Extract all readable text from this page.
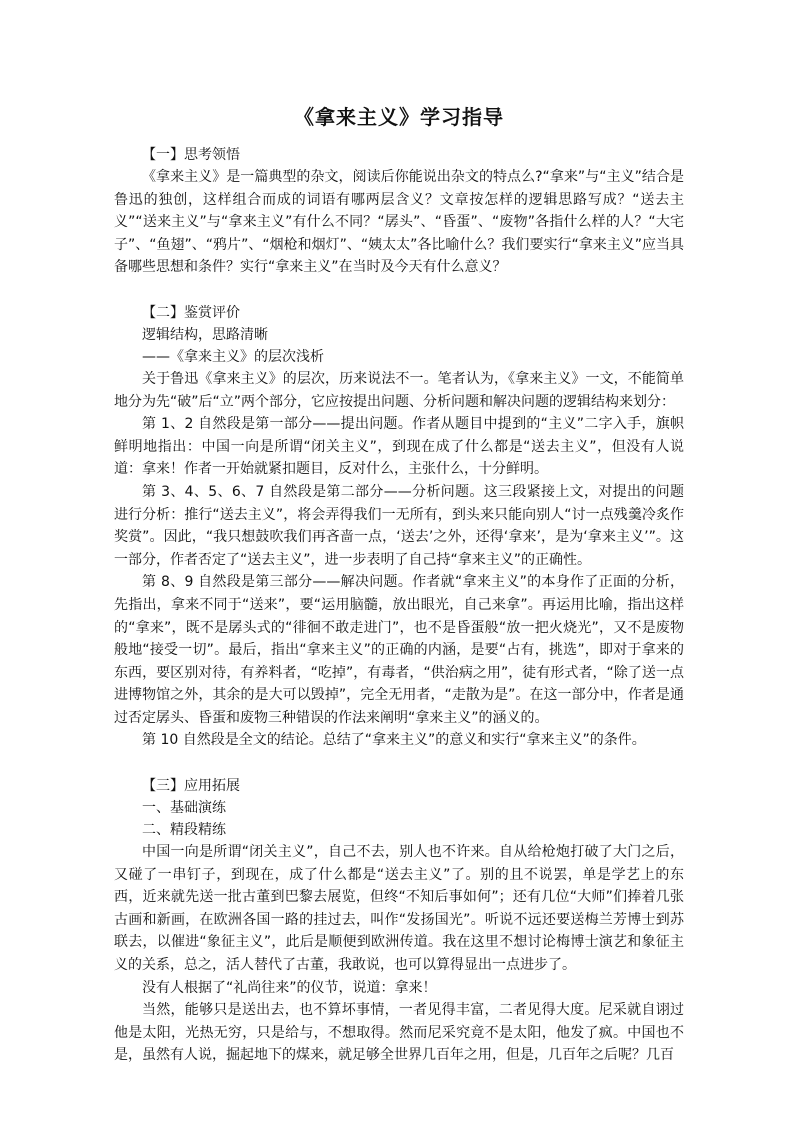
《拿来主义》学习指导

【一】思考领悟

《拿来主义》是一篇典型的杂文，阅读后你能说出杂文的特点么?“拿来”与“主义”结合是鲁迅的独创，这样组合而成的词语有哪两层含义？文章按怎样的逻辑思路写成？“送去主义”“送来主义”与“拿来主义”有什么不同？“孱头”、“昏蛋”、“废物”各指什么样的人？“大宅子”、“鱼翅”、“鸦片”、“烟枪和烟灯”、“姨太太”各比喻什么？我们要实行“拿来主义”应当具备哪些思想和条件？实行“拿来主义”在当时及今天有什么意义？

【二】鉴赏评价

逻辑结构，思路清晰

——《拿来主义》的层次浅析

关于鲁迅《拿来主义》的层次，历来说法不一。笔者认为，《拿来主义》一文，不能简单地分为先“破”后“立”两个部分，它应按提出问题、分析问题和解决问题的逻辑结构来划分：

第 1、2 自然段是第一部分——提出问题。作者从题目中提到的“主义”二字入手，旗帜鲜明地指出：中国一向是所谓“闭关主义”，到现在成了什么都是“送去主义”，但没有人说道：拿来！作者一开始就紧扣题目，反对什么，主张什么，十分鲜明。

第 3、4、5、6、7 自然段是第二部分——分析问题。这三段紧接上文，对提出的问题进行分析：推行“送去主义”，将会弄得我们一无所有，到头来只能向别人“讨一点残羹冷炙作奖赏”。因此，“我只想鼓吹我们再吝啬一点，‘送去’之外，还得‘拿来’，是为‘拿来主义’”。这一部分，作者否定了“送去主义”，进一步表明了自己持“拿来主义”的正确性。

第 8、9 自然段是第三部分——解决问题。作者就“拿来主义”的本身作了正面的分析，先指出，拿来不同于“送来”，要“运用脑髓，放出眼光，自己来拿”。再运用比喻，指出这样的“拿来”，既不是孱头式的“徘徊不敢走进门”，也不是昏蛋般“放一把火烧光”，又不是废物般地“接受一切”。最后，指出“拿来主义”的正确的内涵，是要“占有，挑选”，即对于拿来的东西，要区别对待，有养料者，“吃掉”，有毒者，“供治病之用”，徒有形式者，“除了送一点进博物馆之外，其余的是大可以毁掉”，完全无用者，“走散为是”。在这一部分中，作者是通过否定孱头、昏蛋和废物三种错误的作法来阐明“拿来主义”的涵义的。

第 10 自然段是全文的结论。总结了“拿来主义”的意义和实行“拿来主义”的条件。

【三】应用拓展

一、基础演练

二、精段精练

中国一向是所谓“闭关主义”，自己不去，别人也不许来。自从给枪炮打破了大门之后，又碰了一串钉子，到现在，成了什么都是“送去主义”了。别的且不说罢，单是学艺上的东西，近来就先送一批古董到巴黎去展览，但终“不知后事如何”；还有几位“大师”们捧着几张古画和新画，在欧洲各国一路的挂过去，叫作“发扬国光”。听说不远还要送梅兰芳博士到苏联去，以催进“象征主义”，此后是顺便到欧洲传道。我在这里不想讨论梅博士演艺和象征主义的关系，总之，活人替代了古董，我敢说，也可以算得显出一点进步了。

没有人根据了“礼尚往来”的仪节，说道：拿来！

当然，能够只是送出去，也不算坏事情，一者见得丰富，二者见得大度。尼采就自诩过他是太阳，光热无穷，只是给与，不想取得。然而尼采究竟不是太阳，他发了疯。中国也不是，虽然有人说，掘起地下的煤来，就足够全世界几百年之用，但是，几百年之后呢？几百
